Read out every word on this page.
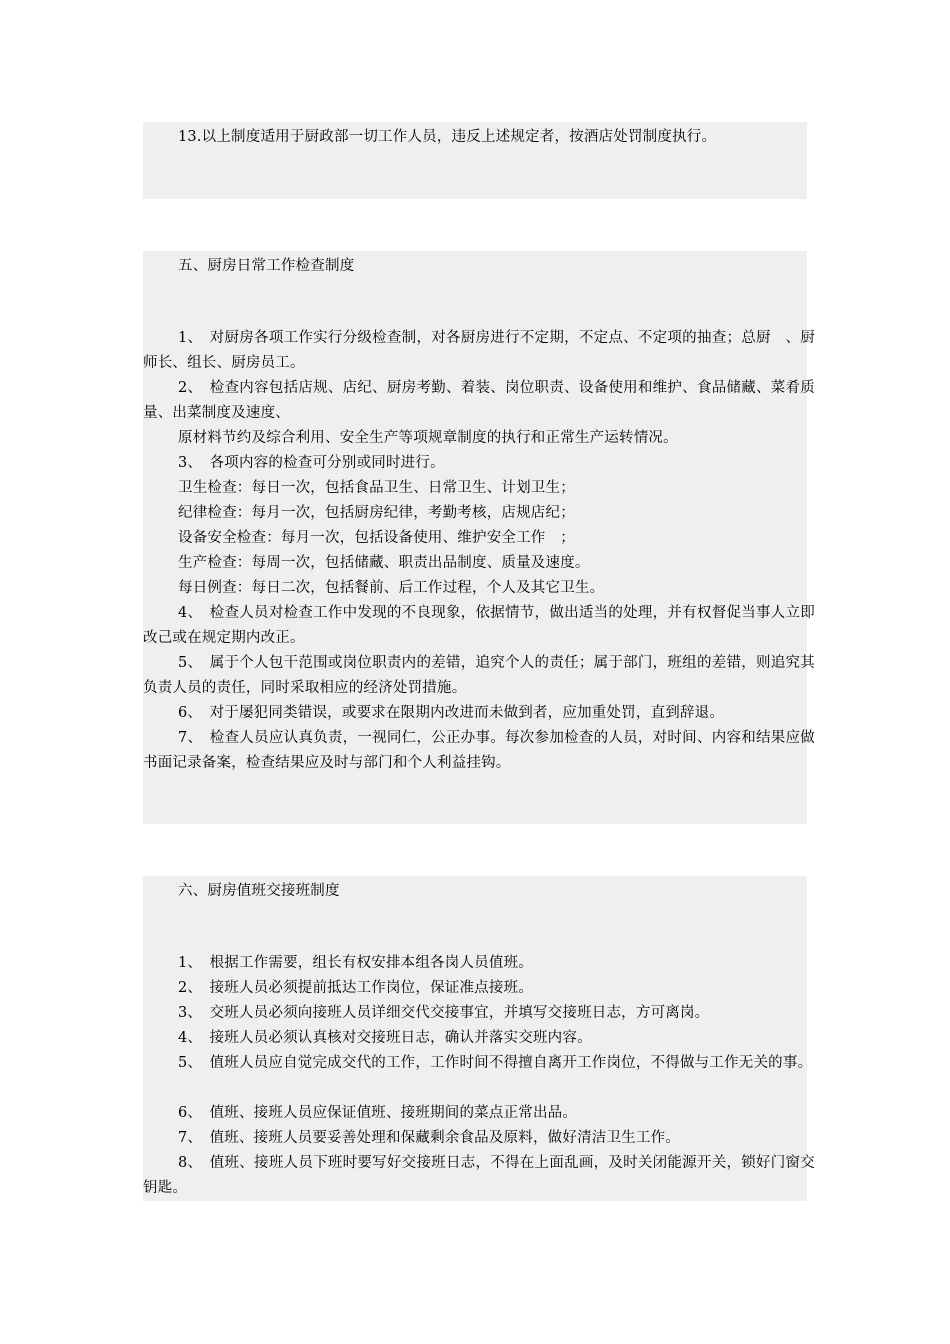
13.以上制度适用于厨政部一切工作人员，违反上述规定者，按酒店处罚制度执行。
五、厨房日常工作检查制度
1、　对厨房各项工作实行分级检查制，对各厨房进行不定期，不定点、不定项的抽查；总厨　、厨师长、组长、厨房员工。
2、　检查内容包括店规、店纪、厨房考勤、着装、岗位职责、设备使用和维护、食品储藏、菜肴质量、出菜制度及速度、
原材料节约及综合利用、安全生产等项规章制度的执行和正常生产运转情况。
3、　各项内容的检查可分别或同时进行。
卫生检查：每日一次，包括食品卫生、日常卫生、计划卫生；
纪律检查：每月一次，包括厨房纪律，考勤考核，店规店纪；
设备安全检查：每月一次，包括设备使用、维护安全工作　；
生产检查：每周一次，包括储藏、职责出品制度、质量及速度。
每日例查：每日二次，包括餐前、后工作过程，个人及其它卫生。
4、　检查人员对检查工作中发现的不良现象，依据情节，做出适当的处理，并有权督促当事人立即改己或在规定期内改正。
5、　属于个人包干范围或岗位职责内的差错，追究个人的责任；属于部门，班组的差错，则追究其负责人员的责任，同时采取相应的经济处罚措施。
6、　对于屡犯同类错误，或要求在限期内改进而未做到者，应加重处罚，直到辞退。
7、　检查人员应认真负责，一视同仁，公正办事。每次参加检查的人员，对时间、内容和结果应做书面记录备案，检查结果应及时与部门和个人利益挂钩。
六、厨房值班交接班制度
1、　根据工作需要，组长有权安排本组各岗人员值班。
2、　接班人员必须提前抵达工作岗位，保证准点接班。
3、　交班人员必须向接班人员详细交代交接事宜，并填写交接班日志，方可离岗。
4、　接班人员必须认真核对交接班日志，确认并落实交班内容。
5、　值班人员应自觉完成交代的工作，工作时间不得擅自离开工作岗位，不得做与工作无关的事。
6、　值班、接班人员应保证值班、接班期间的菜点正常出品。
7、　值班、接班人员要妥善处理和保藏剩余食品及原料，做好清洁卫生工作。
8、　值班、接班人员下班时要写好交接班日志，不得在上面乱画，及时关闭能源开关，锁好门窗交钥匙。
